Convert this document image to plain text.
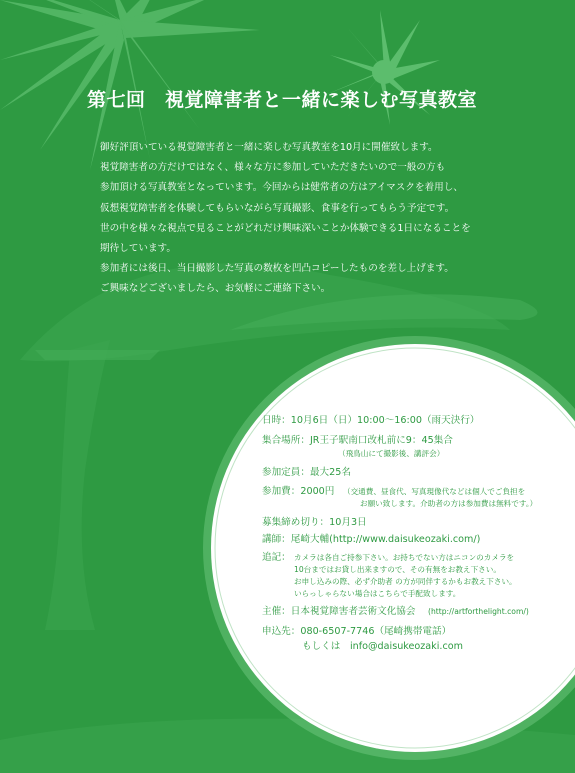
第七回　視覚障害者と一緒に楽しむ写真教室

御好評頂いている視覚障害者と一緒に楽しむ写真教室を10月に開催致します。

視覚障害者の方だけではなく、様々な方に参加していただきたいので一般の方も

参加頂ける写真教室となっています。今回からは健常者の方はアイマスクを着用し、

仮想視覚障害者を体験してもらいながら写真撮影、食事を行ってもらう予定です。

世の中を様々な視点で見ることがどれだけ興味深いことか体験できる1日になることを

期待しています。

参加者には後日、当日撮影した写真の数枚を凹凸コピーしたものを差し上げます。

ご興味などございましたら、お気軽にご連絡下さい。

日時：10月6日（日）10:00～16:00（雨天決行）
集合場所：JR王子駅南口改札前に9：45集合
（飛鳥山にて撮影後、講評会）
参加定員：最大25名
参加費：2000円	（交通費、昼食代、写真現像代などは個人でご負担を
お願い致します。介助者の方は参加費は無料です。）
募集締め切り：10月3日
講師：尾崎大輔(http://www.daisukeozaki.com/)
追記： カメラは各自ご持参下さい。お持ちでない方はニコンのカメラを
10台まではお貸し出来ますので、その有無をお教え下さい。
お申し込みの際、必ず介助者 の方が同伴するかもお教え下さい。
いらっしゃらない場合はこちらで手配致します。
主催：日本視覚障害者芸術文化協会	(http://artforthelight.com/)
申込先：080-6507-7746（尾崎携帯電話）
もしくは　info@daisukeozaki.com
